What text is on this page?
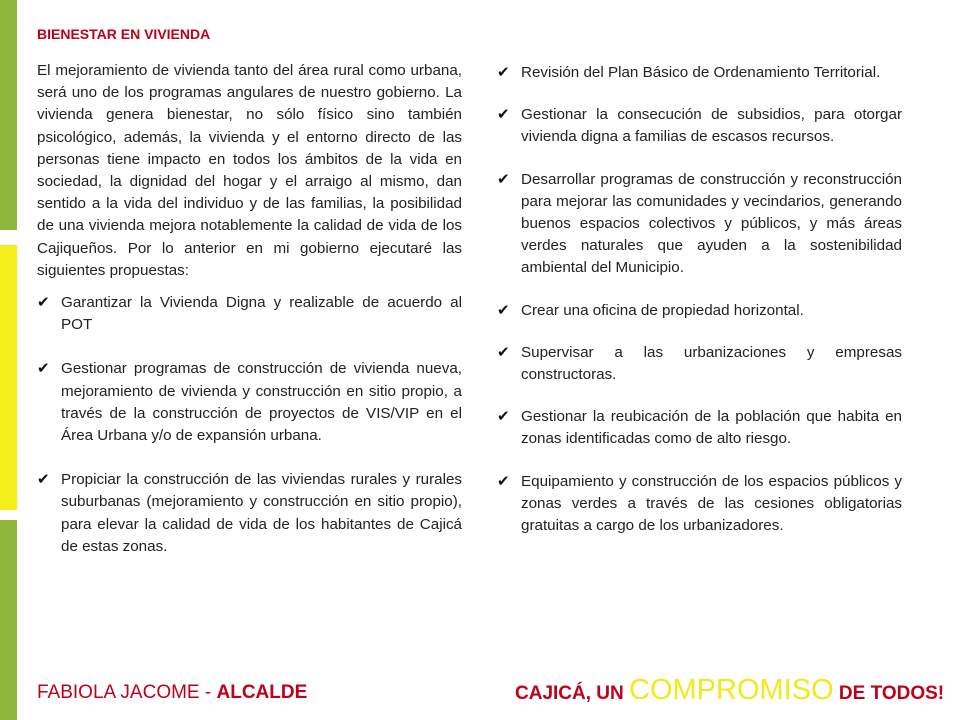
BIENESTAR EN VIVIENDA

El mejoramiento de vivienda tanto del área rural como urbana, será uno de los programas angulares de nuestro gobierno. La vivienda genera bienestar, no sólo físico sino también psicológico, además, la vivienda y el entorno directo de las personas tiene impacto en todos los ámbitos de la vida en sociedad, la dignidad del hogar y el arraigo al mismo, dan sentido a la vida del individuo y de las familias, la posibilidad de una vivienda mejora notablemente la calidad de vida de los Cajiqueños. Por lo anterior en mi gobierno ejecutaré las siguientes propuestas:

✔ Garantizar la Vivienda Digna y realizable de acuerdo al POT
✔ Gestionar programas de construcción de vivienda nueva, mejoramiento de vivienda y construcción en sitio propio, a través de la construcción de proyectos de VIS/VIP en el Área Urbana y/o de expansión urbana.
✔ Propiciar la construcción de las viviendas rurales y rurales suburbanas (mejoramiento y construcción en sitio propio), para elevar la calidad de vida de los habitantes de Cajicá de estas zonas.
✔ Revisión del Plan Básico de Ordenamiento Territorial.
✔ Gestionar la consecución de subsidios, para otorgar vivienda digna a familias de escasos recursos.
✔ Desarrollar programas de construcción y reconstrucción para mejorar las comunidades y vecindarios, generando buenos espacios colectivos y públicos, y más áreas verdes naturales que ayuden a la sostenibilidad ambiental del Municipio.
✔ Crear una oficina de propiedad horizontal.
✔ Supervisar a las urbanizaciones y empresas constructoras.
✔ Gestionar la reubicación de la población que habita en zonas identificadas como de alto riesgo.
✔ Equipamiento y construcción de los espacios públicos y zonas verdes a través de las cesiones obligatorias gratuitas a cargo de los urbanizadores.
FABIOLA JACOME - ALCALDE	CAJICÁ, UN COMPROMISO DE TODOS!
